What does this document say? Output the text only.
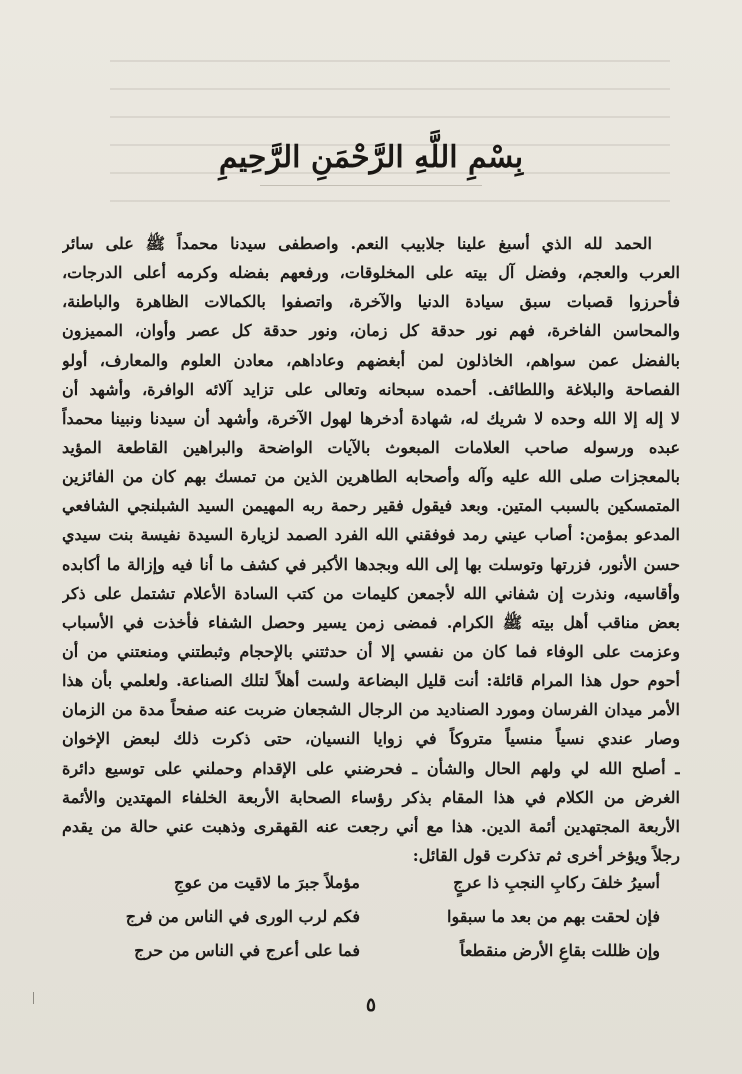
بِسْمِ اللَّهِ الرَّحْمَنِ الرَّحِيمِ
الحمد لله الذي أسبغ علينا جلابيب النعم. واصطفى سيدنا محمداً ﷺ على سائر
العرب والعجم، وفضل آل بيته على المخلوقات، ورفعهم بفضله وكرمه أعلى الدرجات،
فأحرزوا قصبات سبق سيادة الدنيا والآخرة، واتصفوا بالكمالات الظاهرة والباطنة،
والمحاسن الفاخرة، فهم نور حدقة كل زمان، ونور حدقة كل عصر وأوان، المميزون
بالفضل عمن سواهم، الخاذلون لمن أبغضهم وعاداهم، معادن العلوم والمعارف، أولو
الفصاحة والبلاغة واللطائف. أحمده سبحانه وتعالى على تزايد آلائه الوافرة، وأشهد أن
لا إله إلا الله وحده لا شريك له، شهادة أدخرها لهول الآخرة، وأشهد أن سيدنا ونبينا محمداً
عبده ورسوله صاحب العلامات المبعوث بالآيات الواضحة والبراهين القاطعة المؤيد
بالمعجزات صلى الله عليه وآله وأصحابه الطاهرين الذين من تمسك بهم كان من الفائزين
المتمسكين بالسبب المتين. وبعد فيقول فقير رحمة ربه المهيمن السيد الشبلنجي الشافعي
المدعو بمؤمن: أصاب عيني رمد فوفقني الله الفرد الصمد لزيارة السيدة نفيسة بنت سيدي
حسن الأنور، فزرتها وتوسلت بها إلى الله وبجدها الأكبر في كشف ما أنا فيه وإزالة ما أكابده
وأقاسيه، ونذرت إن شفاني الله لأجمعن كليمات من كتب السادة الأعلام تشتمل على ذكر
بعض مناقب أهل بيته ﷺ الكرام. فمضى زمن يسير وحصل الشفاء فأخذت في الأسباب
وعزمت على الوفاء فما كان من نفسي إلا أن حدثتني بالإحجام وثبطتني ومنعتني من أن
أحوم حول هذا المرام قائلة: أنت قليل البضاعة ولست أهلاً لتلك الصناعة. ولعلمي بأن هذا
الأمر ميدان الفرسان ومورد الصناديد من الرجال الشجعان ضربت عنه صفحاً مدة من الزمان
وصار عندي نسياً منسياً متروكاً في زوايا النسيان، حتى ذكرت ذلك لبعض الإخوان
ـ أصلح الله لي ولهم الحال والشأن ـ فحرضني على الإقدام وحملني على توسيع دائرة
الغرض من الكلام في هذا المقام بذكر رؤساء الصحابة الأربعة الخلفاء المهتدين والأئمة
الأربعة المجتهدين أئمة الدين. هذا مع أني رجعت عنه القهقرى وذهبت عني حالة من يقدم
رجلاً ويؤخر أخرى ثم تذكرت قول القائل:
أسيرُ خلفَ ركابِ النجبِ ذا عرجٍ
مؤملاً جبرَ ما لاقيت من عوجِ
فإن لحقت بهم من بعد ما سبقوا
فكم لرب الورى في الناس من فرج
وإن ظللت بقاعِ الأرض منقطعاً
فما على أعرج في الناس من حرج
٥
